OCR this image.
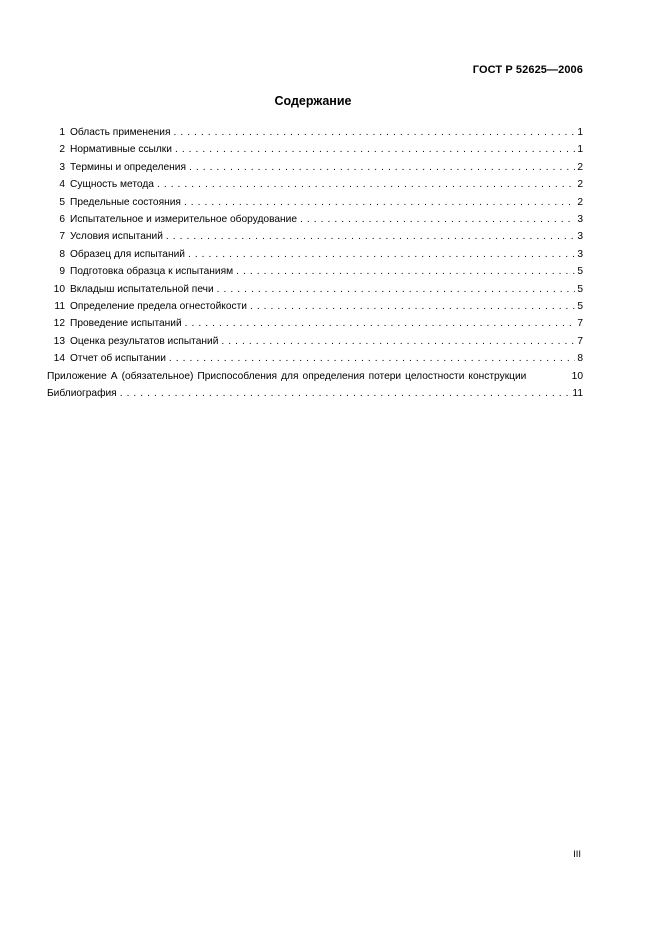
ГОСТ Р 52625—2006
Содержание
1 Область применения . . .	1
2 Нормативные ссылки . . .	1
3 Термины и определения . . .	2
4 Сущность метода . . .	2
5 Предельные состояния . . .	2
6 Испытательное и измерительное оборудование . . .	3
7 Условия испытаний . . .	3
8 Образец для испытаний . . .	3
9 Подготовка образца к испытаниям . . .	5
10 Вкладыш испытательной печи . . .	5
11 Определение предела огнестойкости . . .	5
12 Проведение испытаний . . .	7
13 Оценка результатов испытаний . . .	7
14 Отчет об испытании . . .	8
Приложение А (обязательное) Приспособления для определения потери целостности конструкции	10
Библиография . . .	11
III
